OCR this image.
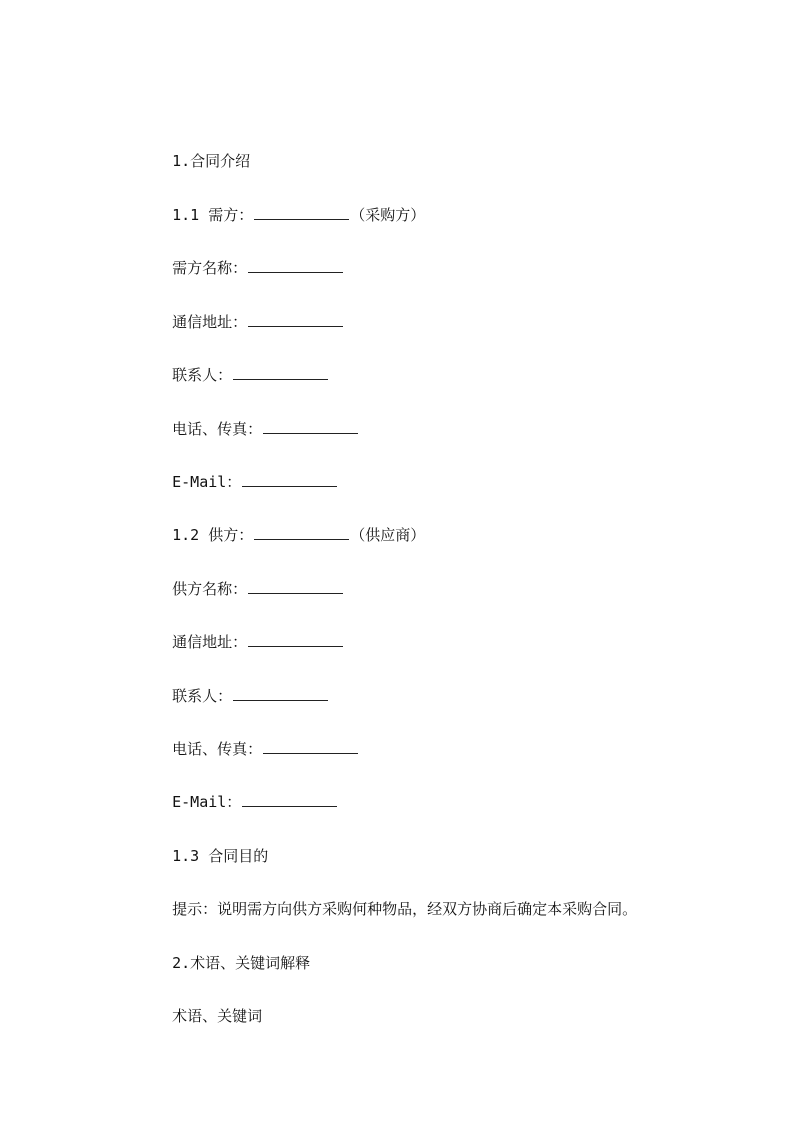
1.合同介绍

1.1 需方：	（采购方）

需方名称：

通信地址：

联系人：

电话、传真：

E-Mail：

1.2 供方：	（供应商）

供方名称：

通信地址：

联系人：

电话、传真：

E-Mail：

1.3 合同目的

提示：说明需方向供方采购何种物品，经双方协商后确定本采购合同。

2.术语、关键词解释

术语、关键词
